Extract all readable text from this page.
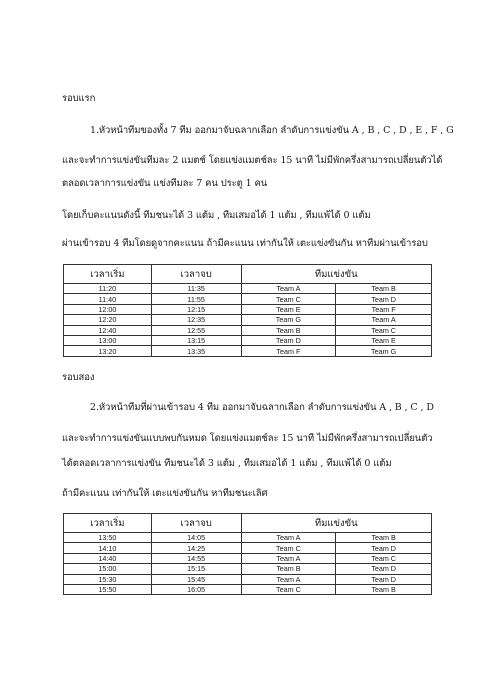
รอบแรก
1.หัวหน้าทีมของทั้ง 7 ทีม ออกมาจับฉลากเลือก ลำดับการแข่งขัน A , B , C , D , E , F , G
และจะทำการแข่งขันทีมละ 2 แมตช์ โดยแข่งแมตช์ละ 15 นาที ไม่มีพักครึ่งสามารถเปลี่ยนตัวได้
ตลอดเวลาการแข่งขัน แข่งทีมละ 7 คน ประตู 1 คน
โดยเก็บคะแนนดังนี้ ทีมชนะได้ 3 แต้ม , ทีมเสมอได้ 1 แต้ม , ทีมแพ้ได้ 0 แต้ม
ผ่านเข้ารอบ 4 ทีมโดยดูจากคะแนน ถ้ามีคะแนน เท่ากันให้ เตะแข่งขันกัน หาทีมผ่านเข้ารอบ
เวลาเริ่ม	เวลาจบ	ทีมแข่งขัน	
11:20	11:35	Team A	Team B
11:40	11:55	Team C	Team D
12:00	12:15	Team E	Team F
12:20	12:35	Team G	Team A
12:40	12:55	Team B	Team C
13:00	13:15	Team D	Team E
13:20	13:35	Team F	Team G
รอบสอง
2.หัวหน้าทีมที่ผ่านเข้ารอบ 4 ทีม ออกมาจับฉลากเลือก ลำดับการแข่งขัน A , B , C , D
และจะทำการแข่งขันแบบพบกันหมด โดยแข่งแมตช์ละ 15 นาที ไม่มีพักครึ่งสามารถเปลี่ยนตัว
ได้ตลอดเวลาการแข่งขัน ทีมชนะได้ 3 แต้ม , ทีมเสมอได้ 1 แต้ม , ทีมแพ้ได้ 0 แต้ม
ถ้ามีคะแนน เท่ากันให้ เตะแข่งขันกัน หาทีมชนะเลิศ
เวลาเริ่ม	เวลาจบ	ทีมแข่งขัน	
13:50	14:05	Team A	Team B
14:10	14:25	Team C	Team D
14:40	14:55	Team A	Team C
15:00	15:15	Team B	Team D
15:30	15:45	Team A	Team D
15:50	16:05	Team C	Team B
